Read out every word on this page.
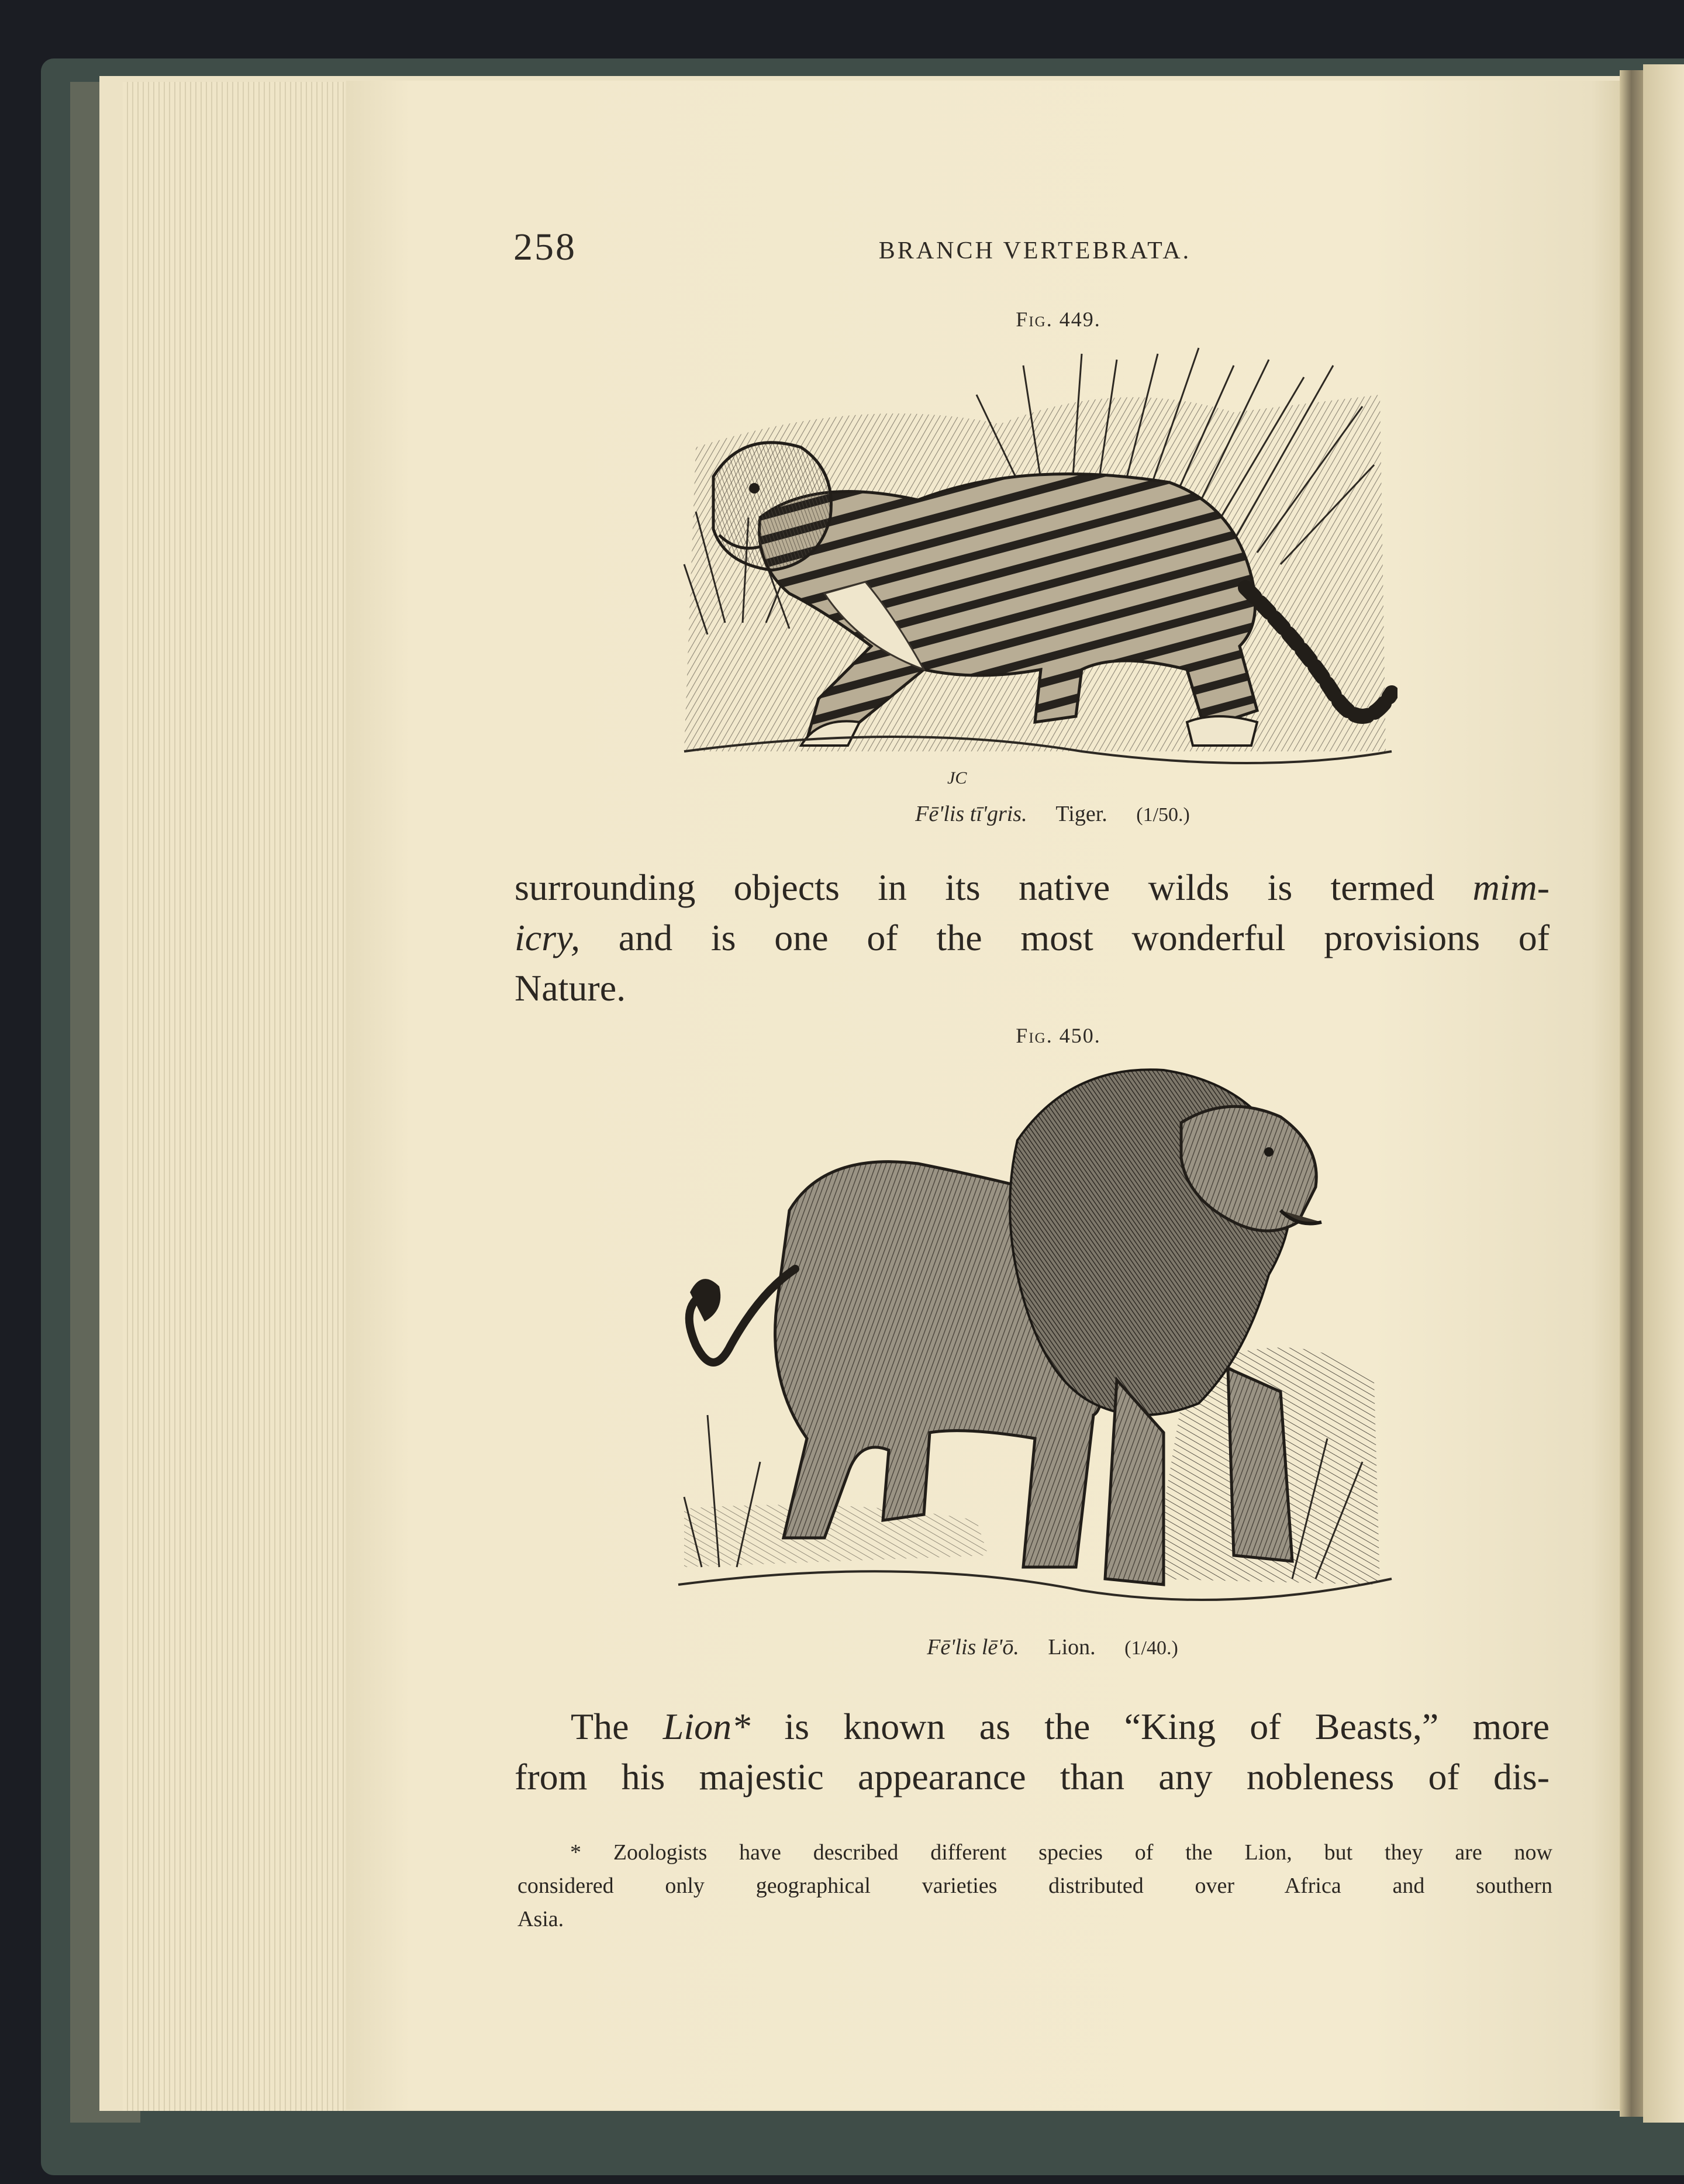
258	BRANCH VERTEBRATA.
Fig. 449.
JC
Fē'lis tī'gris. Tiger. (1/50.)
surrounding objects in its native wilds is termed mim-
icry, and is one of the most wonderful provisions of
Nature.
Fig. 450.
Fē'lis lē'ō. Lion. (1/40.)
The Lion* is known as the “King of Beasts,” more
from his majestic appearance than any nobleness of dis-
* Zoologists have described different species of the Lion, but they are now
considered only geographical varieties distributed over Africa and southern
Asia.
